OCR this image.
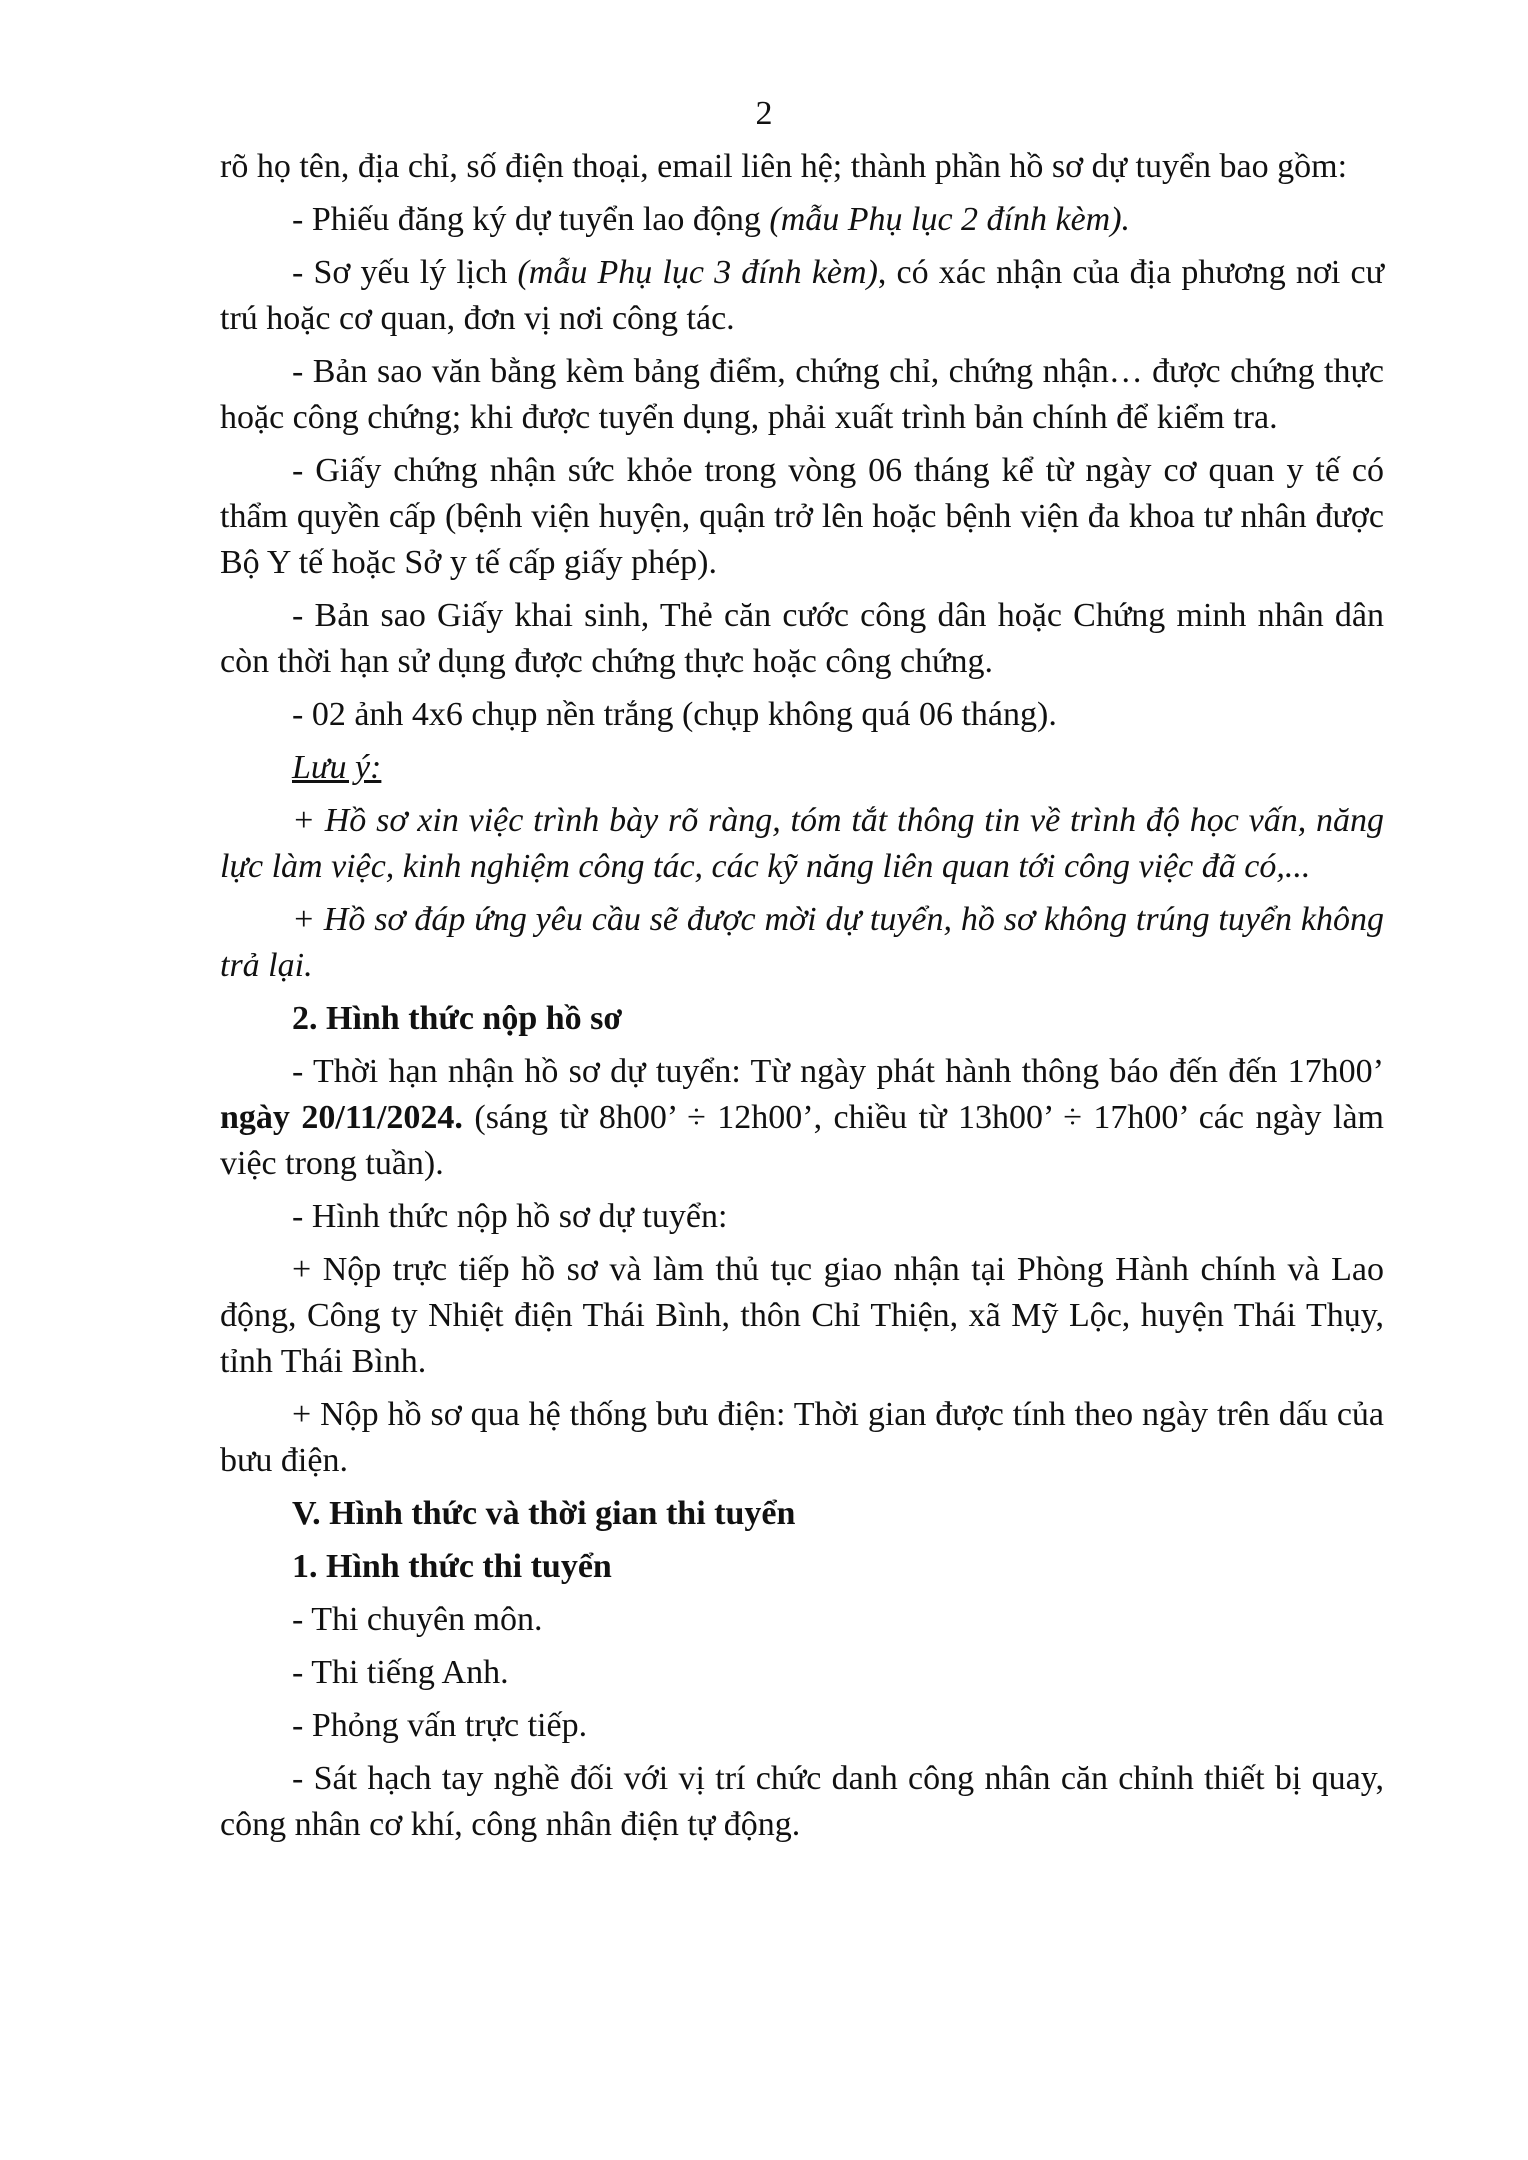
2

rõ họ tên, địa chỉ, số điện thoại, email liên hệ; thành phần hồ sơ dự tuyển bao gồm:

- Phiếu đăng ký dự tuyển lao động (mẫu Phụ lục 2 đính kèm).

- Sơ yếu lý lịch (mẫu Phụ lục 3 đính kèm), có xác nhận của địa phương nơi cư trú hoặc cơ quan, đơn vị nơi công tác.

- Bản sao văn bằng kèm bảng điểm, chứng chỉ, chứng nhận… được chứng thực hoặc công chứng; khi được tuyển dụng, phải xuất trình bản chính để kiểm tra.

- Giấy chứng nhận sức khỏe trong vòng 06 tháng kể từ ngày cơ quan y tế có thẩm quyền cấp (bệnh viện huyện, quận trở lên hoặc bệnh viện đa khoa tư nhân được Bộ Y tế hoặc Sở y tế cấp giấy phép).

- Bản sao Giấy khai sinh, Thẻ căn cước công dân hoặc Chứng minh nhân dân còn thời hạn sử dụng được chứng thực hoặc công chứng.

- 02 ảnh 4x6 chụp nền trắng (chụp không quá 06 tháng).

Lưu ý:

+ Hồ sơ xin việc trình bày rõ ràng, tóm tắt thông tin về trình độ học vấn, năng lực làm việc, kinh nghiệm công tác, các kỹ năng liên quan tới công việc đã có,...

+ Hồ sơ đáp ứng yêu cầu sẽ được mời dự tuyển, hồ sơ không trúng tuyển không trả lại.

2. Hình thức nộp hồ sơ

- Thời hạn nhận hồ sơ dự tuyển: Từ ngày phát hành thông báo đến đến 17h00’ ngày 20/11/2024. (sáng từ 8h00’ ÷ 12h00’, chiều từ 13h00’ ÷ 17h00’ các ngày làm việc trong tuần).

- Hình thức nộp hồ sơ dự tuyển:

+ Nộp trực tiếp hồ sơ và làm thủ tục giao nhận tại Phòng Hành chính và Lao động, Công ty Nhiệt điện Thái Bình, thôn Chỉ Thiện, xã Mỹ Lộc, huyện Thái Thụy, tỉnh Thái Bình.

+ Nộp hồ sơ qua hệ thống bưu điện: Thời gian được tính theo ngày trên dấu của bưu điện.

V. Hình thức và thời gian thi tuyển

1. Hình thức thi tuyển

- Thi chuyên môn.

- Thi tiếng Anh.

- Phỏng vấn trực tiếp.

- Sát hạch tay nghề đối với vị trí chức danh công nhân căn chỉnh thiết bị quay, công nhân cơ khí, công nhân điện tự động.
